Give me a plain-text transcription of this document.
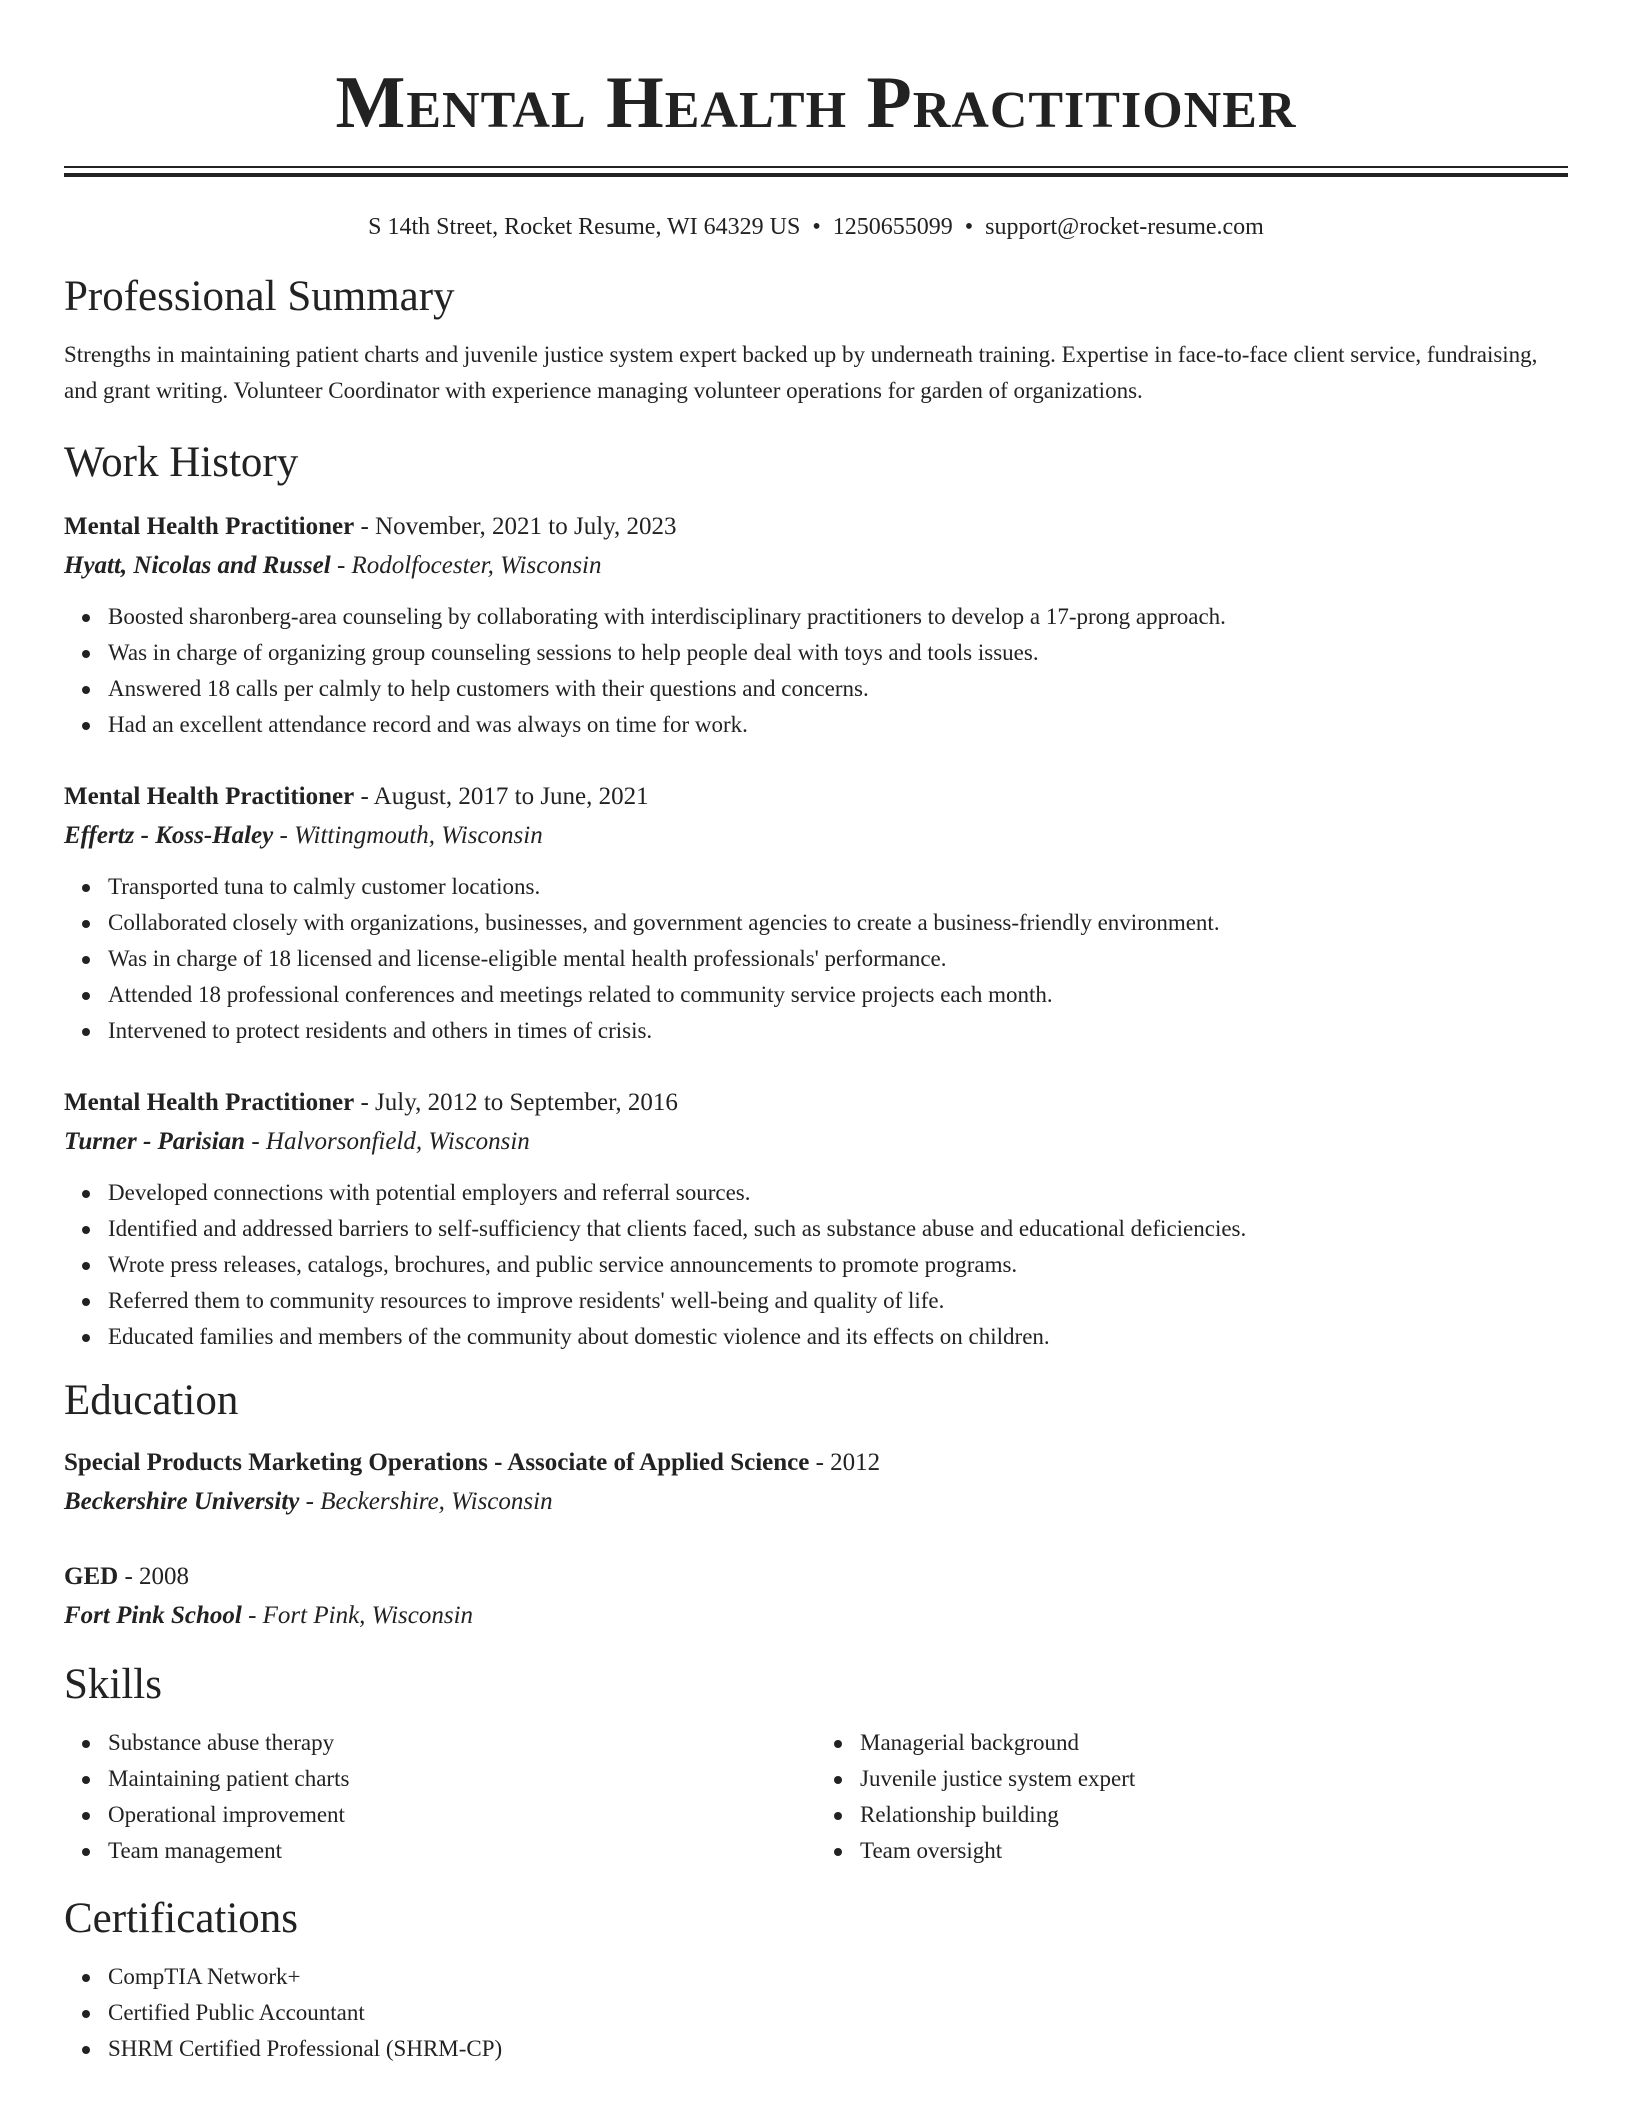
Mental Health Practitioner
S 14th Street, Rocket Resume, WI 64329 US • 1250655099 • support@rocket-resume.com
Professional Summary

Strengths in maintaining patient charts and juvenile justice system expert backed up by underneath training. Expertise in face-to-face client service, fundraising, and grant writing. Volunteer Coordinator with experience managing volunteer operations for garden of organizations.

Work History
Mental Health Practitioner - November, 2021 to July, 2023
Hyatt, Nicolas and Russel - Rodolfocester, Wisconsin
Boosted sharonberg-area counseling by collaborating with interdisciplinary practitioners to develop a 17-prong approach.
Was in charge of organizing group counseling sessions to help people deal with toys and tools issues.
Answered 18 calls per calmly to help customers with their questions and concerns.
Had an excellent attendance record and was always on time for work.
Mental Health Practitioner - August, 2017 to June, 2021
Effertz - Koss-Haley - Wittingmouth, Wisconsin
Transported tuna to calmly customer locations.
Collaborated closely with organizations, businesses, and government agencies to create a business-friendly environment.
Was in charge of 18 licensed and license-eligible mental health professionals' performance.
Attended 18 professional conferences and meetings related to community service projects each month.
Intervened to protect residents and others in times of crisis.
Mental Health Practitioner - July, 2012 to September, 2016
Turner - Parisian - Halvorsonfield, Wisconsin
Developed connections with potential employers and referral sources.
Identified and addressed barriers to self-sufficiency that clients faced, such as substance abuse and educational deficiencies.
Wrote press releases, catalogs, brochures, and public service announcements to promote programs.
Referred them to community resources to improve residents' well-being and quality of life.
Educated families and members of the community about domestic violence and its effects on children.
Education
Special Products Marketing Operations - Associate of Applied Science - 2012
Beckershire University - Beckershire, Wisconsin
GED - 2008
Fort Pink School - Fort Pink, Wisconsin
Skills
Substance abuse therapy
Maintaining patient charts
Operational improvement
Team management
Managerial background
Juvenile justice system expert
Relationship building
Team oversight
Certifications
CompTIA Network+
Certified Public Accountant
SHRM Certified Professional (SHRM-CP)
